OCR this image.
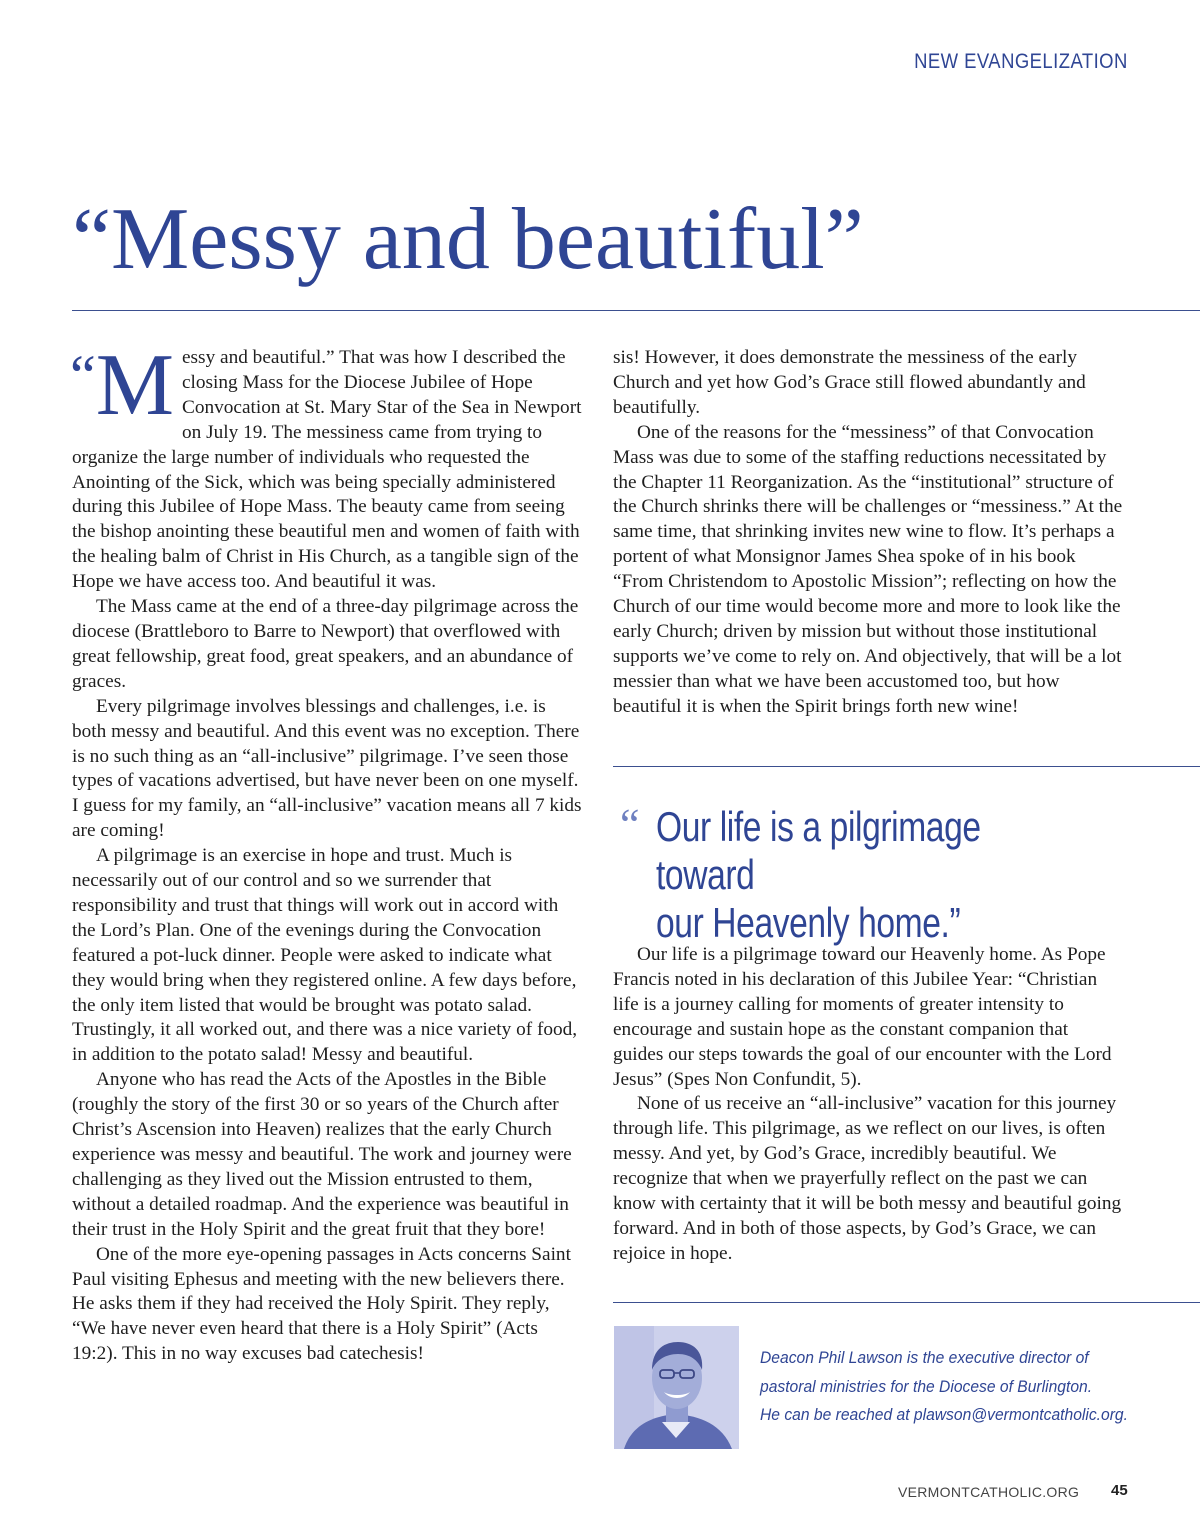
NEW EVANGELIZATION
“Messy and beautiful”

“ M essy and beautiful.” That was how I described the closing Mass for the Diocese Jubilee of Hope Convocation at St. Mary Star of the Sea in Newport on July 19. The messiness came from trying to organize the large number of individuals who requested the Anointing of the Sick, which was being specially administered during this Jubilee of Hope Mass. The beauty came from seeing the bishop anointing these beautiful men and women of faith with the healing balm of Christ in His Church, as a tangible sign of the Hope we have access too. And beautiful it was.

The Mass came at the end of a three-day pilgrimage across the diocese (Brattleboro to Barre to Newport) that overflowed with great fellowship, great food, great speakers, and an abundance of graces.

Every pilgrimage involves blessings and challenges, i.e. is both messy and beautiful. And this event was no exception. There is no such thing as an “all-inclusive” pilgrimage. I’ve seen those types of vacations advertised, but have never been on one myself. I guess for my family, an “all-inclusive” vacation means all 7 kids are coming!

A pilgrimage is an exercise in hope and trust. Much is necessarily out of our control and so we surrender that responsibility and trust that things will work out in accord with the Lord’s Plan. One of the evenings during the Convocation featured a pot-luck dinner. People were asked to indicate what they would bring when they registered online. A few days before, the only item listed that would be brought was potato salad. Trustingly, it all worked out, and there was a nice variety of food, in addition to the potato salad! Messy and beautiful.

Anyone who has read the Acts of the Apostles in the Bible (roughly the story of the first 30 or so years of the Church after Christ’s Ascension into Heaven) realizes that the early Church experience was messy and beautiful. The work and journey were challenging as they lived out the Mission entrusted to them, without a detailed roadmap. And the experience was beautiful in their trust in the Holy Spirit and the great fruit that they bore!

One of the more eye-opening passages in Acts concerns Saint Paul visiting Ephesus and meeting with the new believers there. He asks them if they had received the Holy Spirit. They reply, “We have never even heard that there is a Holy Spirit” (Acts 19:2). This in no way excuses bad catechesis!

sis! However, it does demonstrate the messiness of the early Church and yet how God’s Grace still flowed abundantly and beautifully.

One of the reasons for the “messiness” of that Convocation Mass was due to some of the staffing reductions necessitated by the Chapter 11 Reorganization. As the “institutional” structure of the Church shrinks there will be challenges or “messiness.” At the same time, that shrinking invites new wine to flow. It’s perhaps a portent of what Monsignor James Shea spoke of in his book “From Christendom to Apostolic Mission”; reflecting on how the Church of our time would become more and more to look like the early Church; driven by mission but without those institutional supports we’ve come to rely on. And objectively, that will be a lot messier than what we have been accustomed too, but how beautiful it is when the Spirit brings forth new wine!

“ Our life is a pilgrimage toward
our Heavenly home.”

Our life is a pilgrimage toward our Heavenly home. As Pope Francis noted in his declaration of this Jubilee Year: “Christian life is a journey calling for moments of greater intensity to encourage and sustain hope as the constant companion that guides our steps towards the goal of our encounter with the Lord Jesus” (Spes Non Confundit, 5).

None of us receive an “all-inclusive” vacation for this journey through life. This pilgrimage, as we reflect on our lives, is often messy. And yet, by God’s Grace, incredibly beautiful. We recognize that when we prayerfully reflect on the past we can know with certainty that it will be both messy and beautiful going forward. And in both of those aspects, by God’s Grace, we can rejoice in hope.

Deacon Phil Lawson is the executive director of
pastoral ministries for the Diocese of Burlington.
He can be reached at plawson@vermontcatholic.org.
VERMONTCATHOLIC.ORG 45
